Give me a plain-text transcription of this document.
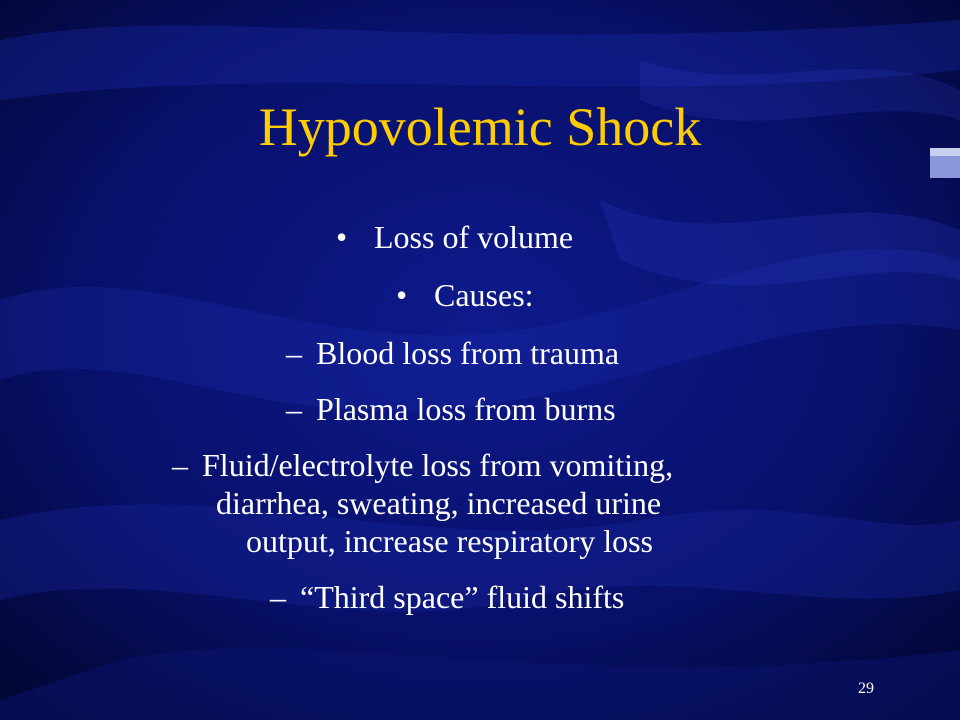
Hypovolemic Shock
• Loss of volume
• Causes:
– Blood loss from trauma
– Plasma loss from burns
– Fluid/electrolyte loss from vomiting,
diarrhea, sweating, increased urine
output, increase respiratory loss
– “Third space” fluid shifts
29
